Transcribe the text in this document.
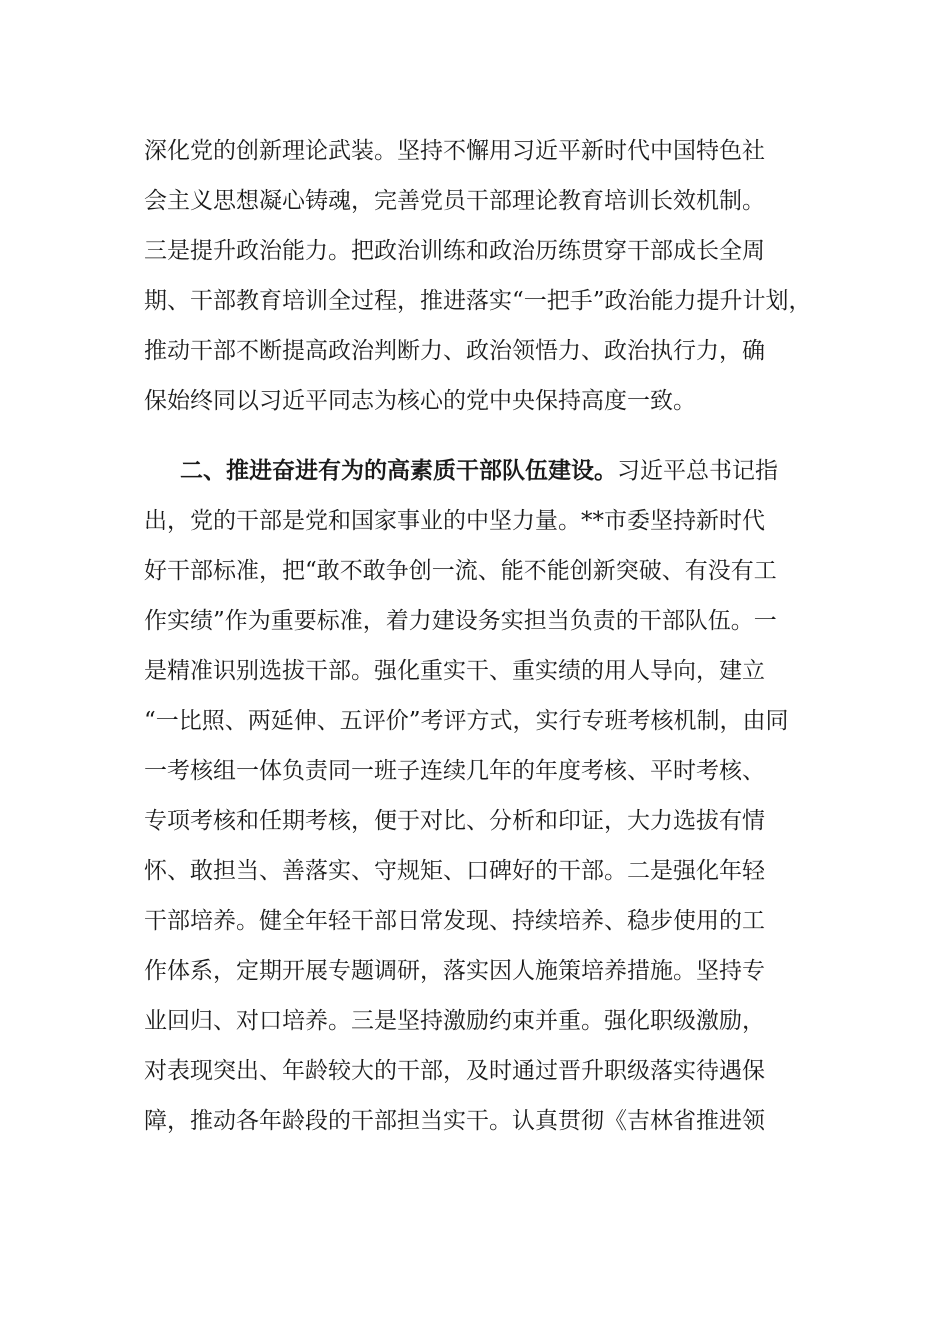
深化党的创新理论武装。坚持不懈用习近平新时代中国特色社
会主义思想凝心铸魂，完善党员干部理论教育培训长效机制。
三是提升政治能力。把政治训练和政治历练贯穿干部成长全周
期、干部教育培训全过程，推进落实“一把手”政治能力提升计划，
推动干部不断提高政治判断力、政治领悟力、政治执行力，确
保始终同以习近平同志为核心的党中央保持高度一致。
二、推进奋进有为的高素质干部队伍建设。习近平总书记指
出，党的干部是党和国家事业的中坚力量。**市委坚持新时代
好干部标准，把“敢不敢争创一流、能不能创新突破、有没有工
作实绩”作为重要标准，着力建设务实担当负责的干部队伍。一
是精准识别选拔干部。强化重实干、重实绩的用人导向，建立
“一比照、两延伸、五评价”考评方式，实行专班考核机制，由同
一考核组一体负责同一班子连续几年的年度考核、平时考核、
专项考核和任期考核，便于对比、分析和印证，大力选拔有情
怀、敢担当、善落实、守规矩、口碑好的干部。二是强化年轻
干部培养。健全年轻干部日常发现、持续培养、稳步使用的工
作体系，定期开展专题调研，落实因人施策培养措施。坚持专
业回归、对口培养。三是坚持激励约束并重。强化职级激励，
对表现突出、年龄较大的干部，及时通过晋升职级落实待遇保
障，推动各年龄段的干部担当实干。认真贯彻《吉林省推进领
